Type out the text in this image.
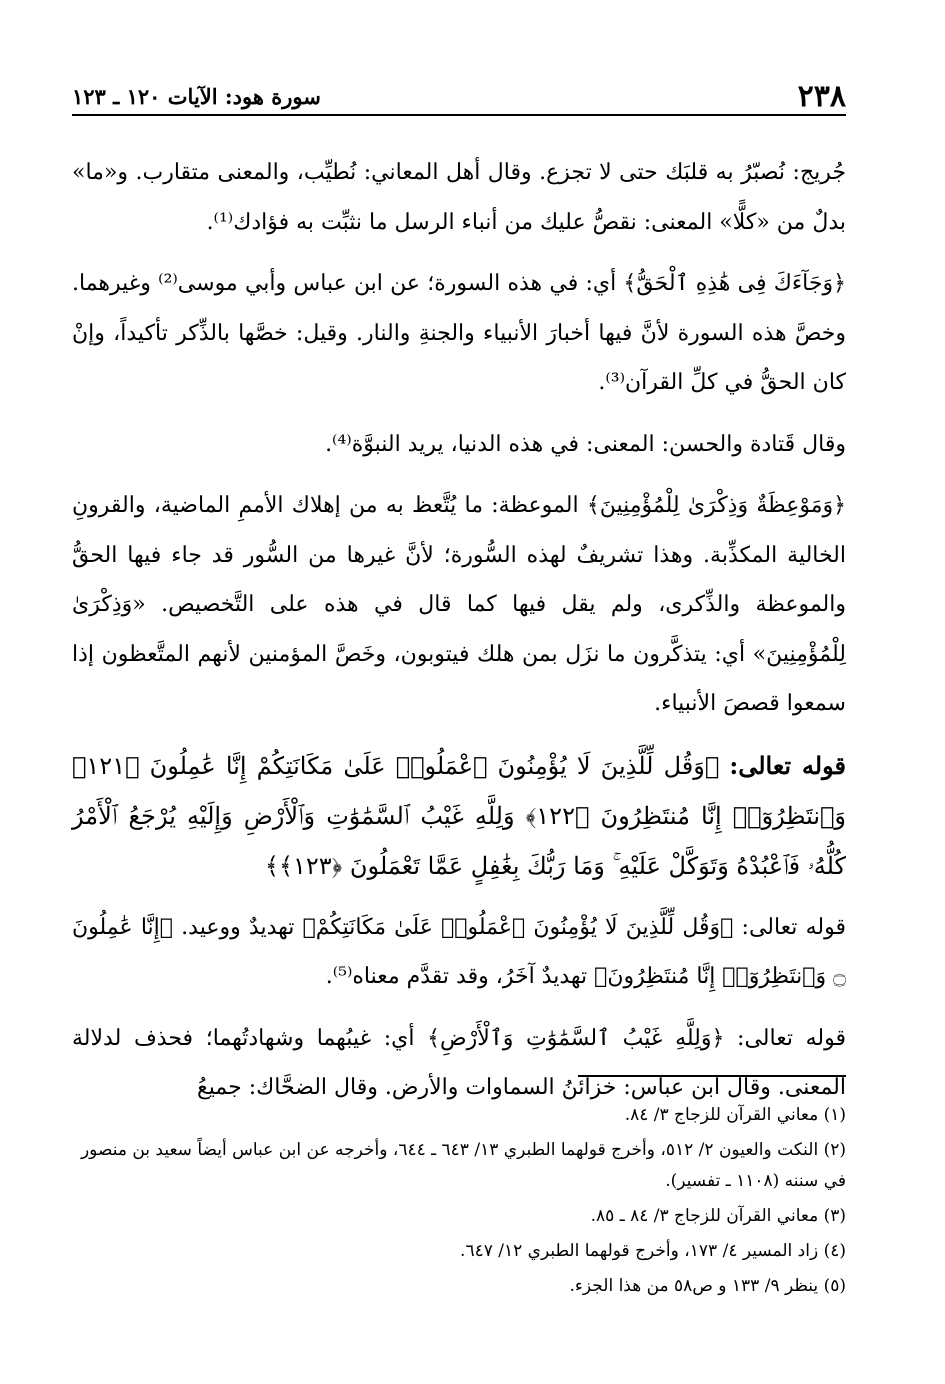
٢٣٨
سورة هود: الآيات ١٢٠ ـ ١٢٣

جُريج: نُصبّرُ به قلبَك حتى لا تجزع. وقال أهل المعاني: نُطيِّب، والمعنى متقارب. و«ما» بدلٌ من «كلًّا» المعنى: نقصُّ عليك من أنباء الرسل ما نثبِّت به فؤادك⁽¹⁾.

﴿وَجَآءَكَ فِى هَٰذِهِ ٱلْحَقُّ﴾ أي: في هذه السورة؛ عن ابن عباس وأبي موسى⁽²⁾ وغيرهما. وخصَّ هذه السورة لأنَّ فيها أخبارَ الأنبياء والجنةِ والنار. وقيل: خصَّها بالذِّكر تأكيداً، وإنْ كان الحقُّ في كلِّ القرآن⁽³⁾.

وقال قَتادة والحسن: المعنى: في هذه الدنيا، يريد النبوَّة⁽⁴⁾.

﴿وَمَوْعِظَةٌ وَذِكْرَىٰ لِلْمُؤْمِنِينَ﴾ الموعظة: ما يُتَّعظ به من إهلاك الأممِ الماضية، والقرونِ الخالية المكذِّبة. وهذا تشريفٌ لهذه السُّورة؛ لأنَّ غيرها من السُّور قد جاء فيها الحقُّ والموعظة والذِّكرى، ولم يقل فيها كما قال في هذه على التَّخصيص. «وَذِكْرَىٰ لِلْمُؤْمِنِينَ» أي: يتذكَّرون ما نزَل بمن هلك فيتوبون، وخَصَّ المؤمنين لأنهم المتَّعظون إذا سمعوا قصصَ الأنبياء.

قوله تعالى: ﴿وَقُل لِّلَّذِينَ لَا يُؤْمِنُونَ ٱعْمَلُوا۟ عَلَىٰ مَكَانَتِكُمْ إِنَّا عَٰمِلُونَ ﴿١٢١﴾ وَٱنتَظِرُوٓا۟ إِنَّا مُنتَظِرُونَ ﴿١٢٢﴾ وَلِلَّهِ غَيْبُ ٱلسَّمَٰوَٰتِ وَٱلْأَرْضِ وَإِلَيْهِ يُرْجَعُ ٱلْأَمْرُ كُلُّهُۥ فَٱعْبُدْهُ وَتَوَكَّلْ عَلَيْهِ ۚ وَمَا رَبُّكَ بِغَٰفِلٍ عَمَّا تَعْمَلُونَ ﴿١٢٣﴾﴾

قوله تعالى: ﴿وَقُل لِّلَّذِينَ لَا يُؤْمِنُونَ ٱعْمَلُوا۟ عَلَىٰ مَكَانَتِكُمْ﴾ تهديدٌ ووعيد. ﴿إِنَّا عَٰمِلُونَ ۝ وَٱنتَظِرُوٓا۟ إِنَّا مُنتَظِرُونَ﴾ تهديدٌ آخَرُ، وقد تقدَّم معناه⁽⁵⁾.

قوله تعالى: ﴿وَلِلَّهِ غَيْبُ ٱلسَّمَٰوَٰتِ وَٱلْأَرْضِ﴾ أي: غيبُهما وشهادتُهما؛ فحذف لدلالة المعنى. وقال ابن عباس: خزائنُ السماوات والأرض. وقال الضحَّاك: جميعُ

(١) معاني القرآن للزجاج ٣/ ٨٤.

(٢) النكت والعيون ٢/ ٥١٢، وأخرج قولهما الطبري ١٣/ ٦٤٣ ـ ٦٤٤، وأخرجه عن ابن عباس أيضاً سعيد بن منصور في سننه (١١٠٨ ـ تفسير).

(٣) معاني القرآن للزجاج ٣/ ٨٤ ـ ٨٥.

(٤) زاد المسير ٤/ ١٧٣، وأخرج قولهما الطبري ١٢/ ٦٤٧.

(٥) ينظر ٩/ ١٣٣ و ص٥٨ من هذا الجزء.
